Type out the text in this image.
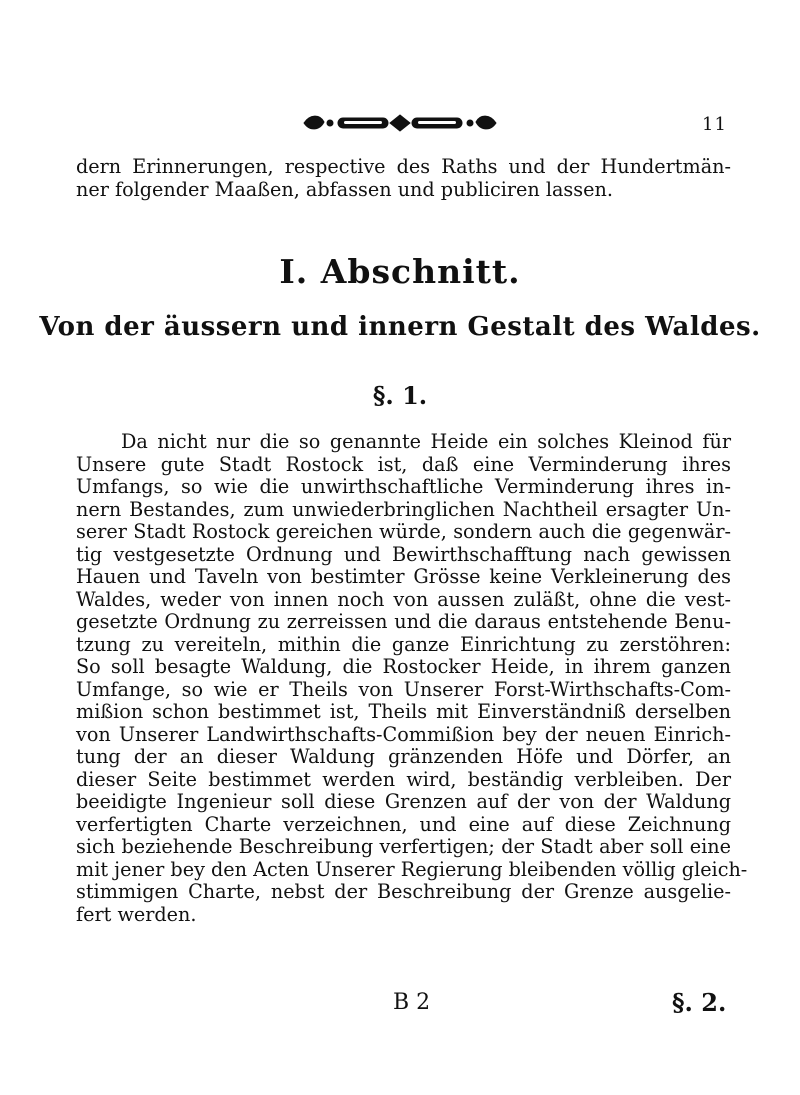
11
dern Erinnerungen, respective des Raths und der Hundertmän-
ner folgender Maaßen, abfassen und publiciren lassen.
I. Abschnitt.
Von der äussern und innern Gestalt des Waldes.
§. 1.
Da nicht nur die so genannte Heide ein solches Kleinod für
Unsere gute Stadt Rostock ist, daß eine Verminderung ihres
Umfangs, so wie die unwirthschaftliche Verminderung ihres in-
nern Bestandes, zum unwiederbringlichen Nachtheil ersagter Un-
serer Stadt Rostock gereichen würde, sondern auch die gegenwär-
tig vestgesetzte Ordnung und Bewirthschafftung nach gewissen
Hauen und Taveln von bestimter Grösse keine Verkleinerung des
Waldes, weder von innen noch von aussen zuläßt, ohne die vest-
gesetzte Ordnung zu zerreissen und die daraus entstehende Benu-
tzung zu vereiteln, mithin die ganze Einrichtung zu zerstöhren:
So soll besagte Waldung, die Rostocker Heide, in ihrem ganzen
Umfange, so wie er Theils von Unserer Forst-Wirthschafts-Com-
mißion schon bestimmet ist, Theils mit Einverständniß derselben
von Unserer Landwirthschafts-Commißion bey der neuen Einrich-
tung der an dieser Waldung gränzenden Höfe und Dörfer, an
dieser Seite bestimmet werden wird, beständig verbleiben. Der
beeidigte Ingenieur soll diese Grenzen auf der von der Waldung
verfertigten Charte verzeichnen, und eine auf diese Zeichnung
sich beziehende Beschreibung verfertigen; der Stadt aber soll eine
mit jener bey den Acten Unserer Regierung bleibenden völlig gleich-
stimmigen Charte, nebst der Beschreibung der Grenze ausgelie-
fert werden.
B 2	§. 2.
